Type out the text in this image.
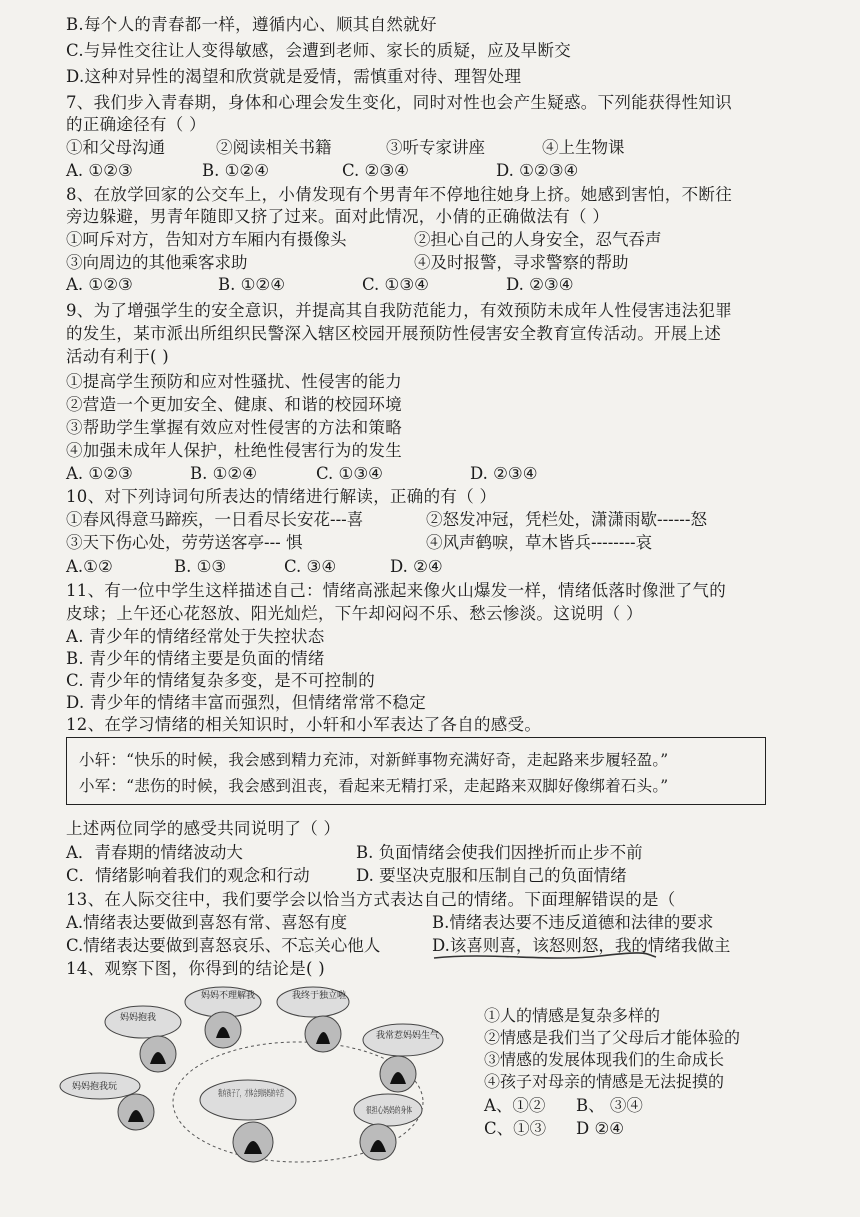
B.每个人的青春都一样，遵循内心、顺其自然就好
C.与异性交往让人变得敏感，会遭到老师、家长的质疑，应及早断交
D.这种对异性的渴望和欣赏就是爱情，需慎重对待、理智处理
7、我们步入青春期，身体和心理会发生变化，同时对性也会产生疑惑。下列能获得性知识
的正确途径有（ ）
①和父母沟通	②阅读相关书籍	③听专家讲座	④上生物课
A. ①②③	B. ①②④	C. ②③④	D. ①②③④
8、在放学回家的公交车上，小倩发现有个男青年不停地往她身上挤。她感到害怕，不断往
旁边躲避，男青年随即又挤了过来。面对此情况，小倩的正确做法有（ ）
①呵斥对方，告知对方车厢内有摄像头	②担心自己的人身安全，忍气吞声
③向周边的其他乘客求助	④及时报警，寻求警察的帮助
A. ①②③	B. ①②④	C. ①③④	D. ②③④
9、为了增强学生的安全意识，并提高其自我防范能力，有效预防未成年人性侵害违法犯罪
的发生，某市派出所组织民警深入辖区校园开展预防性侵害安全教育宣传活动。开展上述
活动有利于( )
①提高学生预防和应对性骚扰、性侵害的能力
②营造一个更加安全、健康、和谐的校园环境
③帮助学生掌握有效应对性侵害的方法和策略
④加强未成年人保护，杜绝性侵害行为的发生
A. ①②③	B. ①②④	C. ①③④	D. ②③④
10、对下列诗词句所表达的情绪进行解读，正确的有（ ）
①春风得意马蹄疾，一日看尽长安花---喜	②怒发冲冠，凭栏处，潇潇雨歇------怒
③天下伤心处，劳劳送客亭--- 惧	④风声鹤唳，草木皆兵--------哀
A.①②	B. ①③	C. ③④	D. ②④
11、有一位中学生这样描述自己：情绪高涨起来像火山爆发一样，情绪低落时像泄了气的
皮球；上午还心花怒放、阳光灿烂，下午却闷闷不乐、愁云惨淡。这说明（ ）
A. 青少年的情绪经常处于失控状态
B. 青少年的情绪主要是负面的情绪
C. 青少年的情绪复杂多变，是不可控制的
D. 青少年的情绪丰富而强烈，但情绪常常不稳定
12、在学习情绪的相关知识时，小轩和小军表达了各自的感受。
小轩：“快乐的时候，我会感到精力充沛，对新鲜事物充满好奇，走起路来步履轻盈。”
小军：“悲伤的时候，我会感到沮丧，看起来无精打采，走起路来双脚好像绑着石头。”
上述两位同学的感受共同说明了（ ）
A．青春期的情绪波动大	B. 负面情绪会使我们因挫折而止步不前
C．情绪影响着我们的观念和行动	D. 要坚决克服和压制自己的负面情绪
13、在人际交往中，我们要学会以恰当方式表达自己的情绪。下面理解错误的是（
A.情绪表达要做到喜怒有常、喜怒有度	B.情绪表达要不违反道德和法律的要求
C.情绪表达要做到喜怒哀乐、不忘关心他人	D.该喜则喜，该怒则怒，我的情绪我做主
14、观察下图，你得到的结论是( )
妈妈不理解我	我终于独立啦
妈妈抱我
我常惹妈妈生气
妈妈抱我玩
我有孩子了，才体会到妈妈的辛苦
很担心妈妈的身体
①人的情感是复杂多样的
②情感是我们当了父母后才能体验的
③情感的发展体现我们的生命成长
④孩子对母亲的情感是无法捉摸的
A、①② B、 ③④
C、①③ D ②④
